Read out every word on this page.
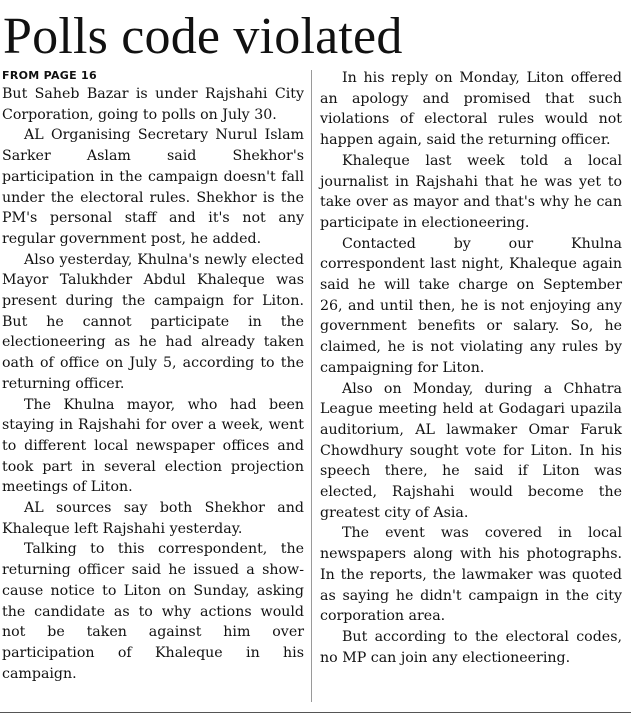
Polls code violated

FROM PAGE 16

But Saheb Bazar is under Rajshahi City Corporation, going to polls on July 30.

AL Organising Secretary Nurul Islam Sarker Aslam said Shekhor's participation in the campaign doesn't fall under the electoral rules. Shekhor is the PM's personal staff and it's not any regular government post, he added.

Also yesterday, Khulna's newly elected Mayor Talukhder Abdul Khaleque was present during the campaign for Liton. But he cannot participate in the electioneering as he had already taken oath of office on July 5, according to the returning officer.

The Khulna mayor, who had been staying in Rajshahi for over a week, went to different local newspaper offices and took part in several election projection meetings of Liton.

AL sources say both Shekhor and Khaleque left Rajshahi yesterday.

Talking to this correspondent, the returning officer said he issued a show-cause notice to Liton on Sunday, asking the candidate as to why actions would not be taken against him over participation of Khaleque in his campaign.

In his reply on Monday, Liton offered an apology and promised that such violations of electoral rules would not happen again, said the returning officer.

Khaleque last week told a local journalist in Rajshahi that he was yet to take over as mayor and that's why he can participate in electioneering.

Contacted by our Khulna correspondent last night, Khaleque again said he will take charge on September 26, and until then, he is not enjoying any government benefits or salary. So, he claimed, he is not violating any rules by campaigning for Liton.

Also on Monday, during a Chhatra League meeting held at Godagari upazila auditorium, AL lawmaker Omar Faruk Chowdhury sought vote for Liton. In his speech there, he said if Liton was elected, Rajshahi would become the greatest city of Asia.

The event was covered in local newspapers along with his photographs. In the reports, the lawmaker was quoted as saying he didn't campaign in the city corporation area.

But according to the electoral codes, no MP can join any electioneering.
